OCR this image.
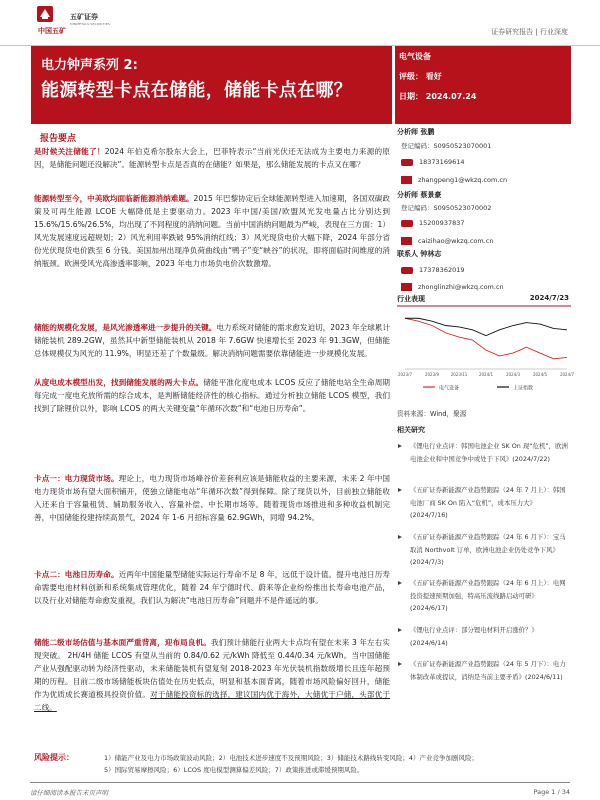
中国五矿
五矿证券
MINMETALS SECURITIES
证券研究报告 | 行业深度
电力钟声系列 2:
能源转型卡点在储能，储能卡点在哪？
电气设备
评级： 看好
日期： 2024.07.24
报告要点
是时候关注储能了！2024 年伯克希尔股东大会上，巴菲特表示“当前光伏还无法成为主要电力来源的原因，是储能问题还没解决”。能源转型卡点是否真的在储能？如果是，那么储能发展的卡点又在哪？
能源转型至今，中美欧均面临新能源消纳难题。2015 年巴黎协定后全球能源转型进入加速期，各国双碳政策及可再生能源 LCOE 大幅降低是主要驱动力。2023 年中国/美国/欧盟风光发电量占比分别达到 15.6%/15.6%/26.5%，均出现了不同程度的消纳问题。当前中国消纳问题最为严峻，表现在三方面：1）风光发展速度远超规划；2）风光利用率跌破 95%消纳红线；3）风光现货电价大幅下降，2024 年部分省份光伏现货电价跌至 6 分钱。美国加州出现净负荷曲线由“鸭子”变“峡谷”的状况，即将面临时间维度的消纳瓶颈。欧洲受风光高渗透率影响，2023 年电力市场负电价次数激增。
储能的规模化发展，是风光渗透率进一步提升的关键。电力系统对储能的需求愈发迫切，2023 年全球累计储能装机 289.2GW，虽然其中新型储能装机从 2018 年 7.6GW 快速增长至 2023 年 91.3GW，但储能总体规模仅为风光的 11.9%，明显还差了个数量级。解决消纳问题需要依靠储能进一步规模化发展。
从度电成本模型出发，找到储能发展的两大卡点。储能平准化度电成本 LCOS 反应了储能电站全生命周期每完成一度电充放所需的综合成本，是判断储能经济性的核心指标。通过分析独立储能 LCOS 模型，我们找到了除锂价以外，影响 LCOS 的两大关键变量“年循环次数”和“电池日历寿命”。
卡点一：电力现货市场。理论上，电力现货市场峰谷价差套利应该是储能收益的主要来源，未来 2 年中国电力现货市场有望大面积铺开，使独立储能电站“年循环次数”得到保障。除了现货以外，目前独立储能收入还来自于容量租赁、辅助服务收入、容量补偿、中长期市场等。随着现货市场推进和多种收益机制完善，中国储能投建持续高景气，2024 年 1-6 月招标容量 62.9GWh，同增 94.2%。
卡点二：电池日历寿命。近两年中国能量型储能实际运行寿命不足 8 年，远低于设计值。提升电池日历寿命需要电池材料创新和系统集成管理优化，随着 24 年宁德时代、蔚来等企业纷纷推出长寿命电池产品，以及行业对储能寿命愈发重视，我们认为解决“电池日历寿命”问题并不是件遥远的事。
储能二级市场估值与基本面严重背离，迎布局良机。我们预计储能行业两大卡点均有望在未来 3 年左右实现突破。 2H/4H 储能 LCOS 有望从当前的 0.84/0.62 元/kWh 降低至 0.44/0.34 元/kWh。当中国储能产业从强配驱动转为经济性驱动，未来储能装机有望复刻 2018-2023 年光伏装机指数级增长且连年超预期的历程。目前二级市场储能板块估值处在历史低点，明显和基本面背离，随着市场风险偏好回升，储能作为优质成长赛道极具投资价值。对于储能投资标的选择，建议国内优于海外，大储优于户储，头部优于二线。
分析师 张鹏
登记编码：S0950523070001
18373169614
zhangpeng1@wkzq.com.cn
分析师 蔡景豪
登记编码：S0950523070002
15200937837
caizihao@wkzq.com.cn
联系人 钟林志
17378362019
zhonglinzhi@wkzq.com.cn
行业表现	2024/7/23
2023/7	2023/9	2023/11	2024/1	2024/3	2024/5	2024/7
电气设备	上证指数
资料来源：Wind，聚源
相关研究
《锂电行业点评：韩国电池企业 SK On 现“危机”，欧洲电池企业和中国竞争中或处于下风》(2024/7/22)
《五矿证券新能源产业趋势跟踪（24 年 7 月上）：韩国电池厂商 SK On 陷入“危机”，成本压力大》(2024/7/16)
《五矿证券新能源产业趋势跟踪（24 年 6 月下）：宝马取消 Northvolt 订单，欧洲电池企业仍处竞争下风》(2024/7/3)
《五矿证券新能源产业趋势跟踪（24 年 6 月上）：电网投资提速预期加强，特高压流线路启动可研》(2024/6/17)
《锂电行业点评：部分锂电材料开启涨价？》(2024/6/14)
《五矿证券新能源产业趋势跟踪（24 年 5 月下）：电力体制改革或提议，消纳是当前主要矛盾》(2024/6/11)
风险提示：	1）储能产业及电力市场政策波动风险；2）电池技术进步速度不及预期风险；3）储能技术路线转变风险；4）产业竞争加剧风险；
5）国际贸易摩擦风险；6）LCOS 度电模型测算偏差风险；7）政策推进或滞缓预期风险。
请仔细阅读本报告末页声明	Page 1 / 34
